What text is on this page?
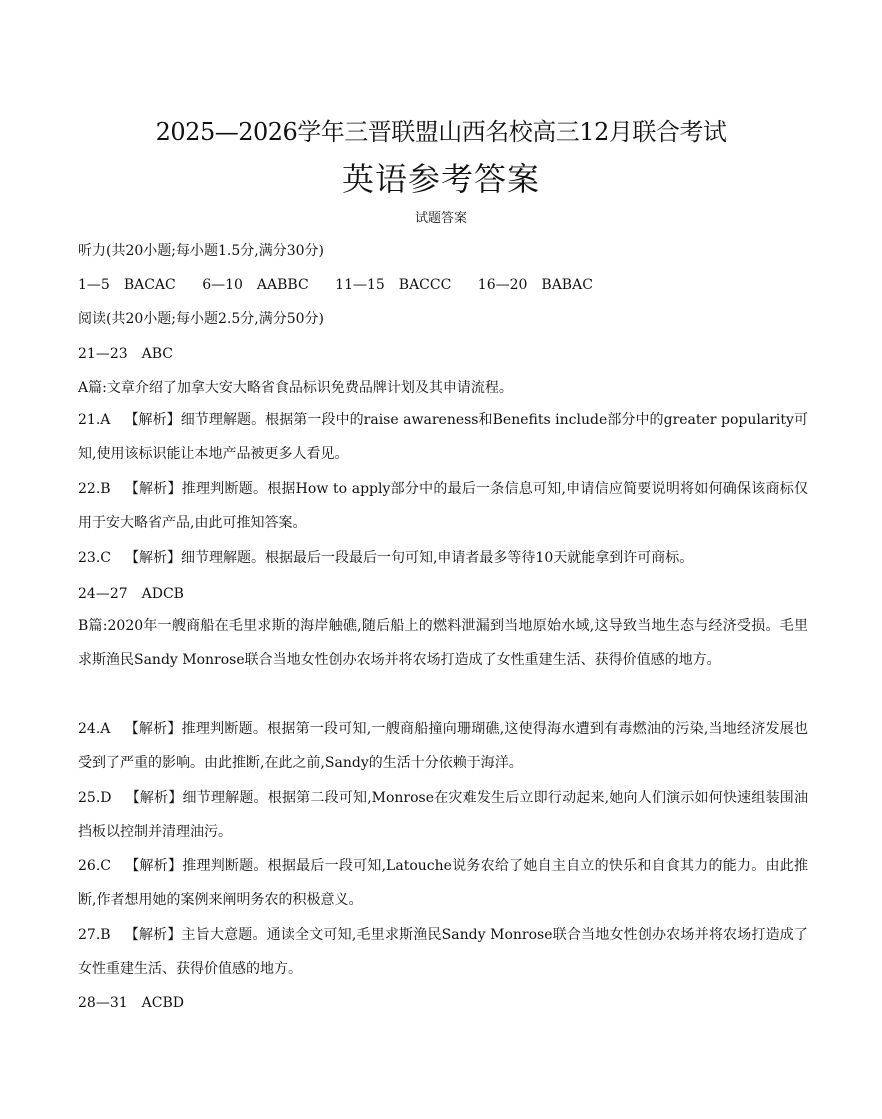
2025—2026学年三晋联盟山西名校高三12月联合考试
英语参考答案
试题答案
听力(共20小题;每小题1.5分,满分30分)
1—5　BACAC 6—10　AABBC 11—15　BACCC 16—20　BABAC
阅读(共20小题;每小题2.5分,满分50分)
21—23　ABC
A篇:文章介绍了加拿大安大略省食品标识免费品牌计划及其申请流程。
21.A 【解析】细节理解题。根据第一段中的raise awareness和Benefits include部分中的greater popularity可知,使用该标识能让本地产品被更多人看见。
22.B 【解析】推理判断题。根据How to apply部分中的最后一条信息可知,申请信应简要说明将如何确保该商标仅用于安大略省产品,由此可推知答案。
23.C 【解析】细节理解题。根据最后一段最后一句可知,申请者最多等待10天就能拿到许可商标。
24—27　ADCB
B篇:2020年一艘商船在毛里求斯的海岸触礁,随后船上的燃料泄漏到当地原始水域,这导致当地生态与经济受损。毛里求斯渔民Sandy Monrose联合当地女性创办农场并将农场打造成了女性重建生活、获得价值感的地方。
24.A 【解析】推理判断题。根据第一段可知,一艘商船撞向珊瑚礁,这使得海水遭到有毒燃油的污染,当地经济发展也受到了严重的影响。由此推断,在此之前,Sandy的生活十分依赖于海洋。
25.D 【解析】细节理解题。根据第二段可知,Monrose在灾难发生后立即行动起来,她向人们演示如何快速组装围油挡板以控制并清理油污。
26.C 【解析】推理判断题。根据最后一段可知,Latouche说务农给了她自主自立的快乐和自食其力的能力。由此推断,作者想用她的案例来阐明务农的积极意义。
27.B 【解析】主旨大意题。通读全文可知,毛里求斯渔民Sandy Monrose联合当地女性创办农场并将农场打造成了女性重建生活、获得价值感的地方。
28—31　ACBD
